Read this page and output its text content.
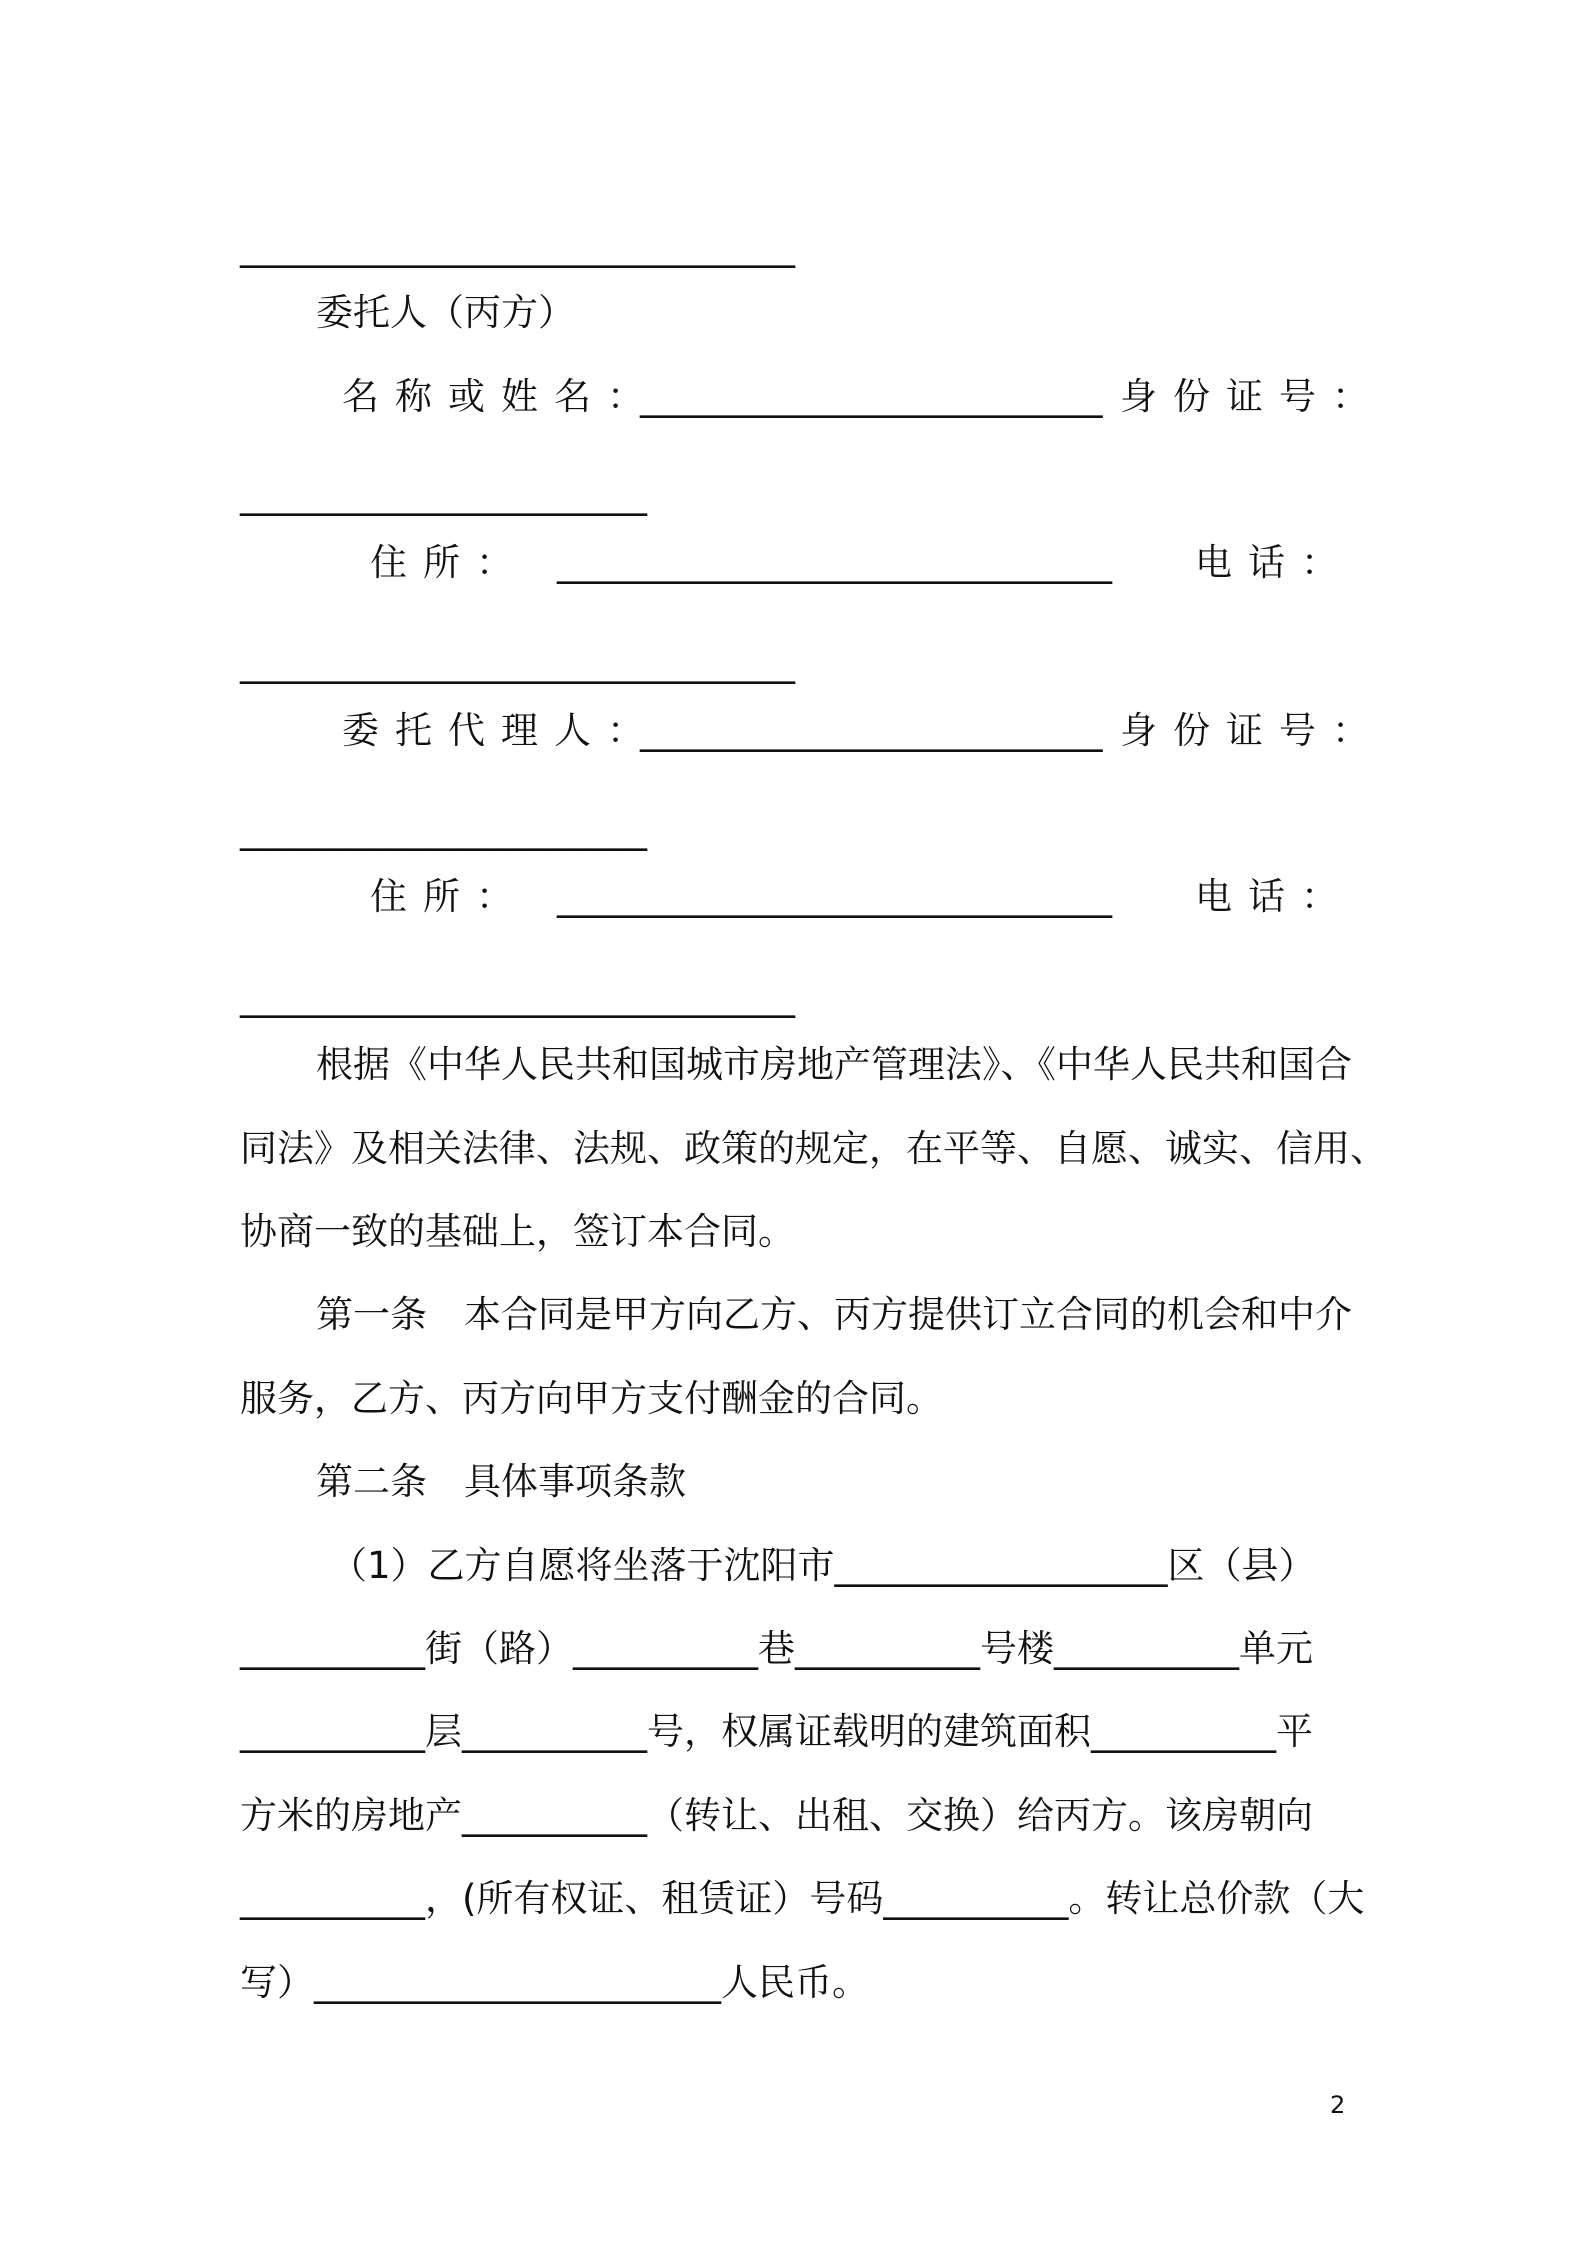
______________________________
委托人（丙方）
名称或姓名：
_________________________ 身份证号：
______________________
住所： ______________________________ 电话：
______________________________
委托代理人：
_________________________ 身份证号：
______________________
住所： ______________________________ 电话：
______________________________
根据《中华人民共和国城市房地产管理法》、《中华人民共和国合
同法》及相关法律、法规、政策的规定，在平等、自愿、诚实、信用、
协商一致的基础上，签订本合同。
第一条　本合同是甲方向乙方、丙方提供订立合同的机会和中介
服务，乙方、丙方向甲方支付酬金的合同。
第二条　具体事项条款
（1）乙方自愿将坐落于沈阳市__________________区（县）
__________街（路）__________巷__________号楼__________单元
__________层__________号，权属证载明的建筑面积__________平
方米的房地产__________（转让、出租、交换）给丙方。该房朝向
__________，(所有权证、租赁证）号码__________。转让总价款（大
写）______________________人民币。
2
